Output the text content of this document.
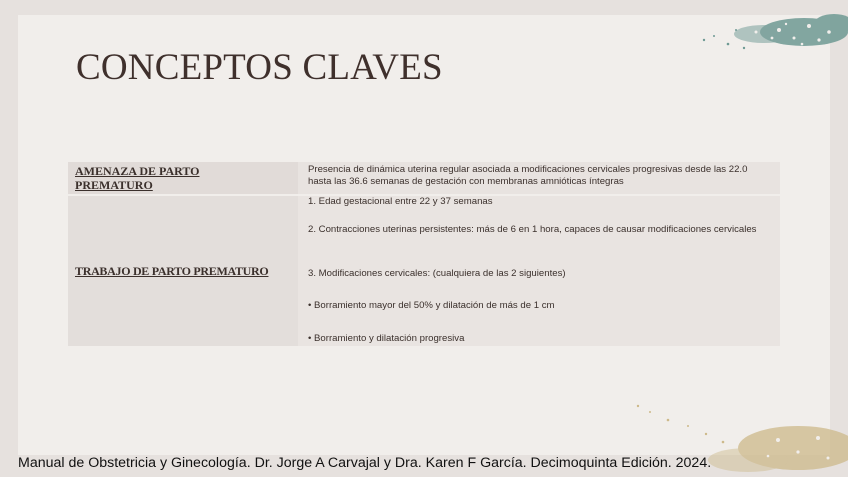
CONCEPTOS CLAVES
AMENAZA DE PARTO PREMATURO
Presencia de dinámica uterina regular asociada a modificaciones cervicales progresivas desde las 22.0 hasta las 36.6 semanas de gestación con membranas amnióticas íntegras
TRABAJO DE PARTO PREMATURO
1. Edad gestacional entre 22 y 37 semanas
2. Contracciones uterinas persistentes: más de 6 en 1 hora, capaces de causar modificaciones cervicales
3. Modificaciones cervicales: (cualquiera de las 2 siguientes)
• Borramiento mayor del 50% y dilatación de más de 1 cm
• Borramiento y dilatación progresiva
Manual de Obstetricia y Ginecología. Dr. Jorge A Carvajal y Dra. Karen F García. Decimoquinta Edición. 2024.
